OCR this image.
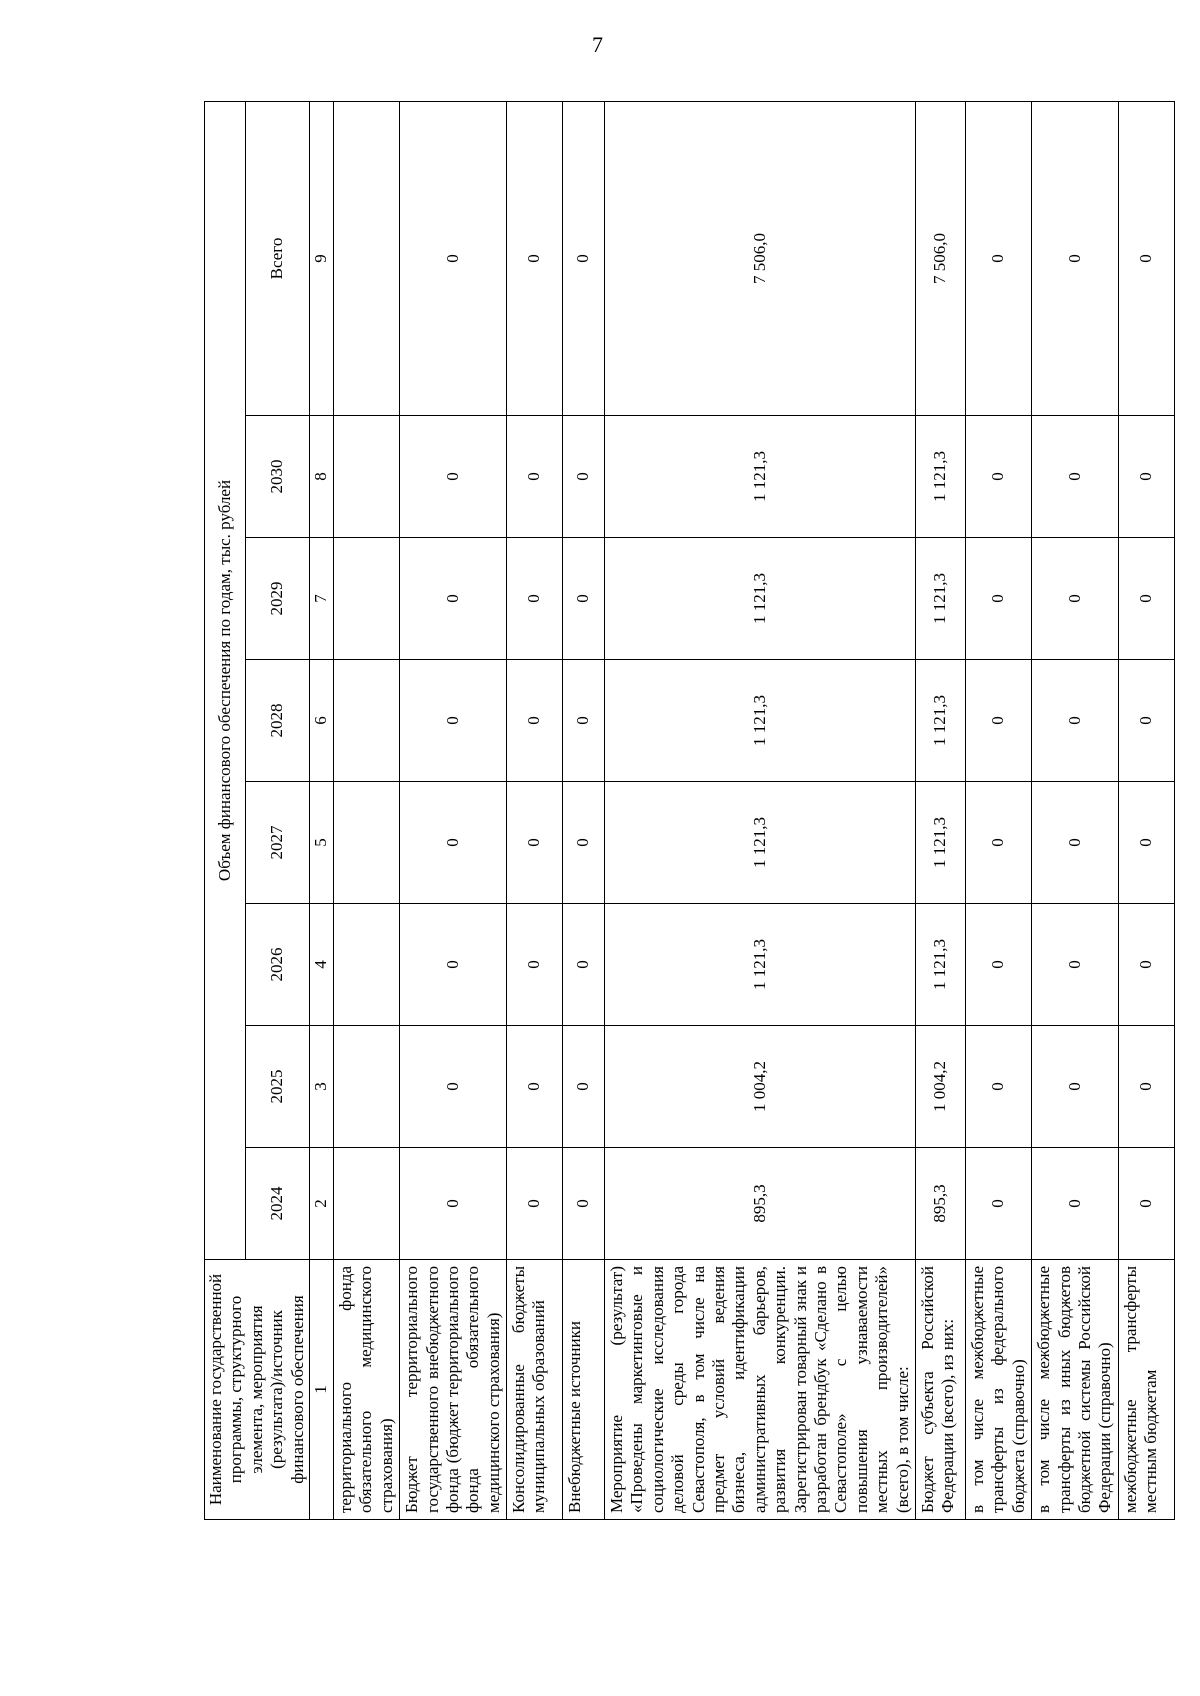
7
Наименование государственной программы, структурного элемента, мероприятия (результата)/источник финансового обеспечения	Объем финансового обеспечения по годам, тыс. рублей							
	2024	2025	2026	2027	2028	2029	2030	Всего
1	2	3	4	5	6	7	8	9
территориального фонда обязательного медицинского страхования)								
Бюджет территориального государственного внебюджетного фонда (бюджет территориального фонда обязательного медицинского страхования)	0	0	0	0	0	0	0	0
Консолидированные бюджеты муниципальных образований	0	0	0	0	0	0	0	0
Внебюджетные источники	0	0	0	0	0	0	0	0
Мероприятие (результат) «Проведены маркетинговые и социологические исследования деловой среды города Севастополя, в том числе на предмет условий ведения бизнеса, идентификации административных барьеров, развития конкуренции. Зарегистрирован товарный знак и разработан брендбук «Сделано в Севастополе» с целью повышения узнаваемости местных производителей» (всего), в том числе:	895,3	1 004,2	1 121,3	1 121,3	1 121,3	1 121,3	1 121,3	7 506,0
Бюджет субъекта Российской Федерации (всего), из них:	895,3	1 004,2	1 121,3	1 121,3	1 121,3	1 121,3	1 121,3	7 506,0
в том числе межбюджетные трансферты из федерального бюджета (справочно)	0	0	0	0	0	0	0	0
в том числе межбюджетные трансферты из иных бюджетов бюджетной системы Российской Федерации (справочно)	0	0	0	0	0	0	0	0
межбюджетные трансферты местным бюджетам	0	0	0	0	0	0	0	0
